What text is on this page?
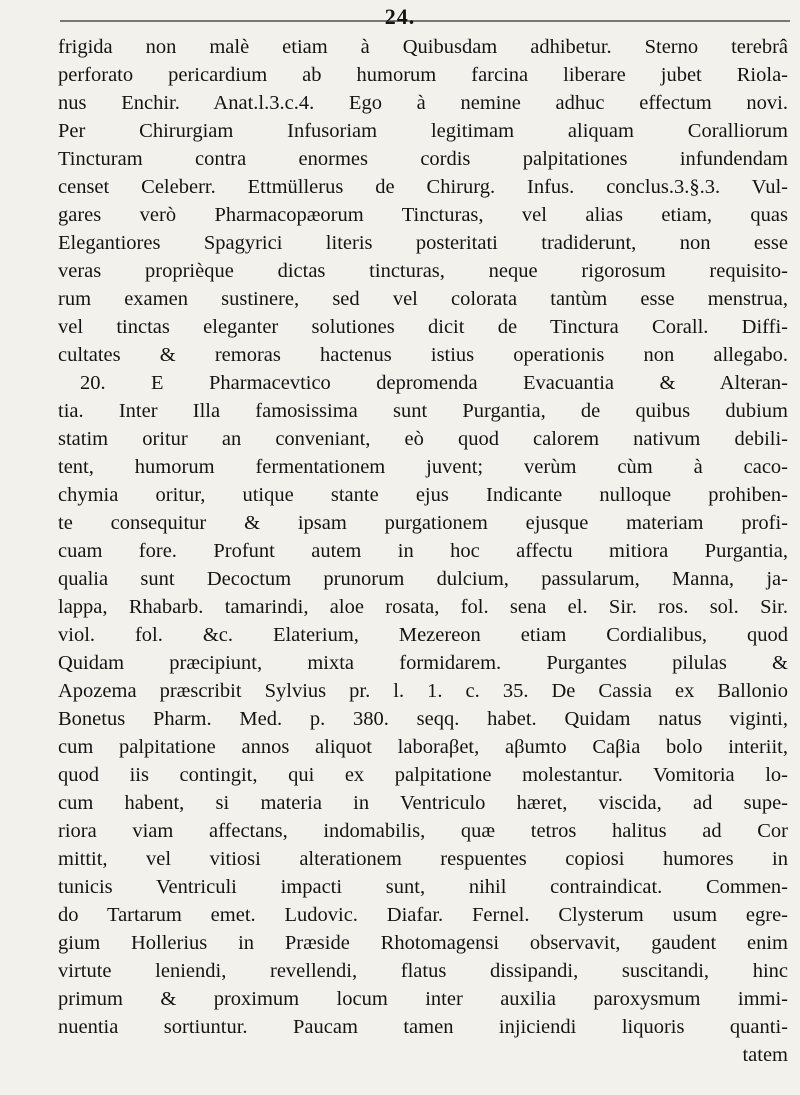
24.
frigida non malè etiam à Quibusdam adhibetur. Sterno terebrâ
perforato pericardium ab humorum farcina liberare jubet Riola-
nus Enchir. Anat.l.3.c.4. Ego à nemine adhuc effectum novi.
Per Chirurgiam Infusoriam legitimam aliquam Coralliorum
Tincturam contra enormes cordis palpitationes infundendam
censet Celeberr. Ettmüllerus de Chirurg. Infus. conclus.3.§.3. Vul-
gares verò Pharmacopæorum Tincturas, vel alias etiam, quas
Elegantiores Spagyrici literis posteritati tradiderunt, non esse
veras proprièque dictas tincturas, neque rigorosum requisito-
rum examen sustinere, sed vel colorata tantùm esse menstrua,
vel tinctas eleganter solutiones dicit de Tinctura Corall. Diffi-
cultates & remoras hactenus istius operationis non allegabo.
20. E Pharmacevtico depromenda Evacuantia & Alteran-
tia. Inter Illa famosissima sunt Purgantia, de quibus dubium
statim oritur an conveniant, eò quod calorem nativum debili-
tent, humorum fermentationem juvent; verùm cùm à caco-
chymia oritur, utique stante ejus Indicante nulloque prohiben-
te consequitur & ipsam purgationem ejusque materiam profi-
cuam fore. Profunt autem in hoc affectu mitiora Purgantia,
qualia sunt Decoctum prunorum dulcium, passularum, Manna, ja-
lappa, Rhabarb. tamarindi, aloe rosata, fol. sena el. Sir. ros. sol. Sir.
viol. fol. &c. Elaterium, Mezereon etiam Cordialibus, quod
Quidam præcipiunt, mixta formidarem. Purgantes pilulas &
Apozema præscribit Sylvius pr. l. 1. c. 35. De Cassia ex Ballonio
Bonetus Pharm. Med. p. 380. seqq. habet. Quidam natus viginti,
cum palpitatione annos aliquot laboraβet, aβumto Caβia bolo interiit,
quod iis contingit, qui ex palpitatione molestantur. Vomitoria lo-
cum habent, si materia in Ventriculo hæret, viscida, ad supe-
riora viam affectans, indomabilis, quæ tetros halitus ad Cor
mittit, vel vitiosi alterationem respuentes copiosi humores in
tunicis Ventriculi impacti sunt, nihil contraindicat. Commen-
do Tartarum emet. Ludovic. Diafar. Fernel. Clysterum usum egre-
gium Hollerius in Præside Rhotomagensi observavit, gaudent enim
virtute leniendi, revellendi, flatus dissipandi, suscitandi, hinc
primum & proximum locum inter auxilia paroxysmum immi-
nuentia sortiuntur. Paucam tamen injiciendi liquoris quanti-
tatem
